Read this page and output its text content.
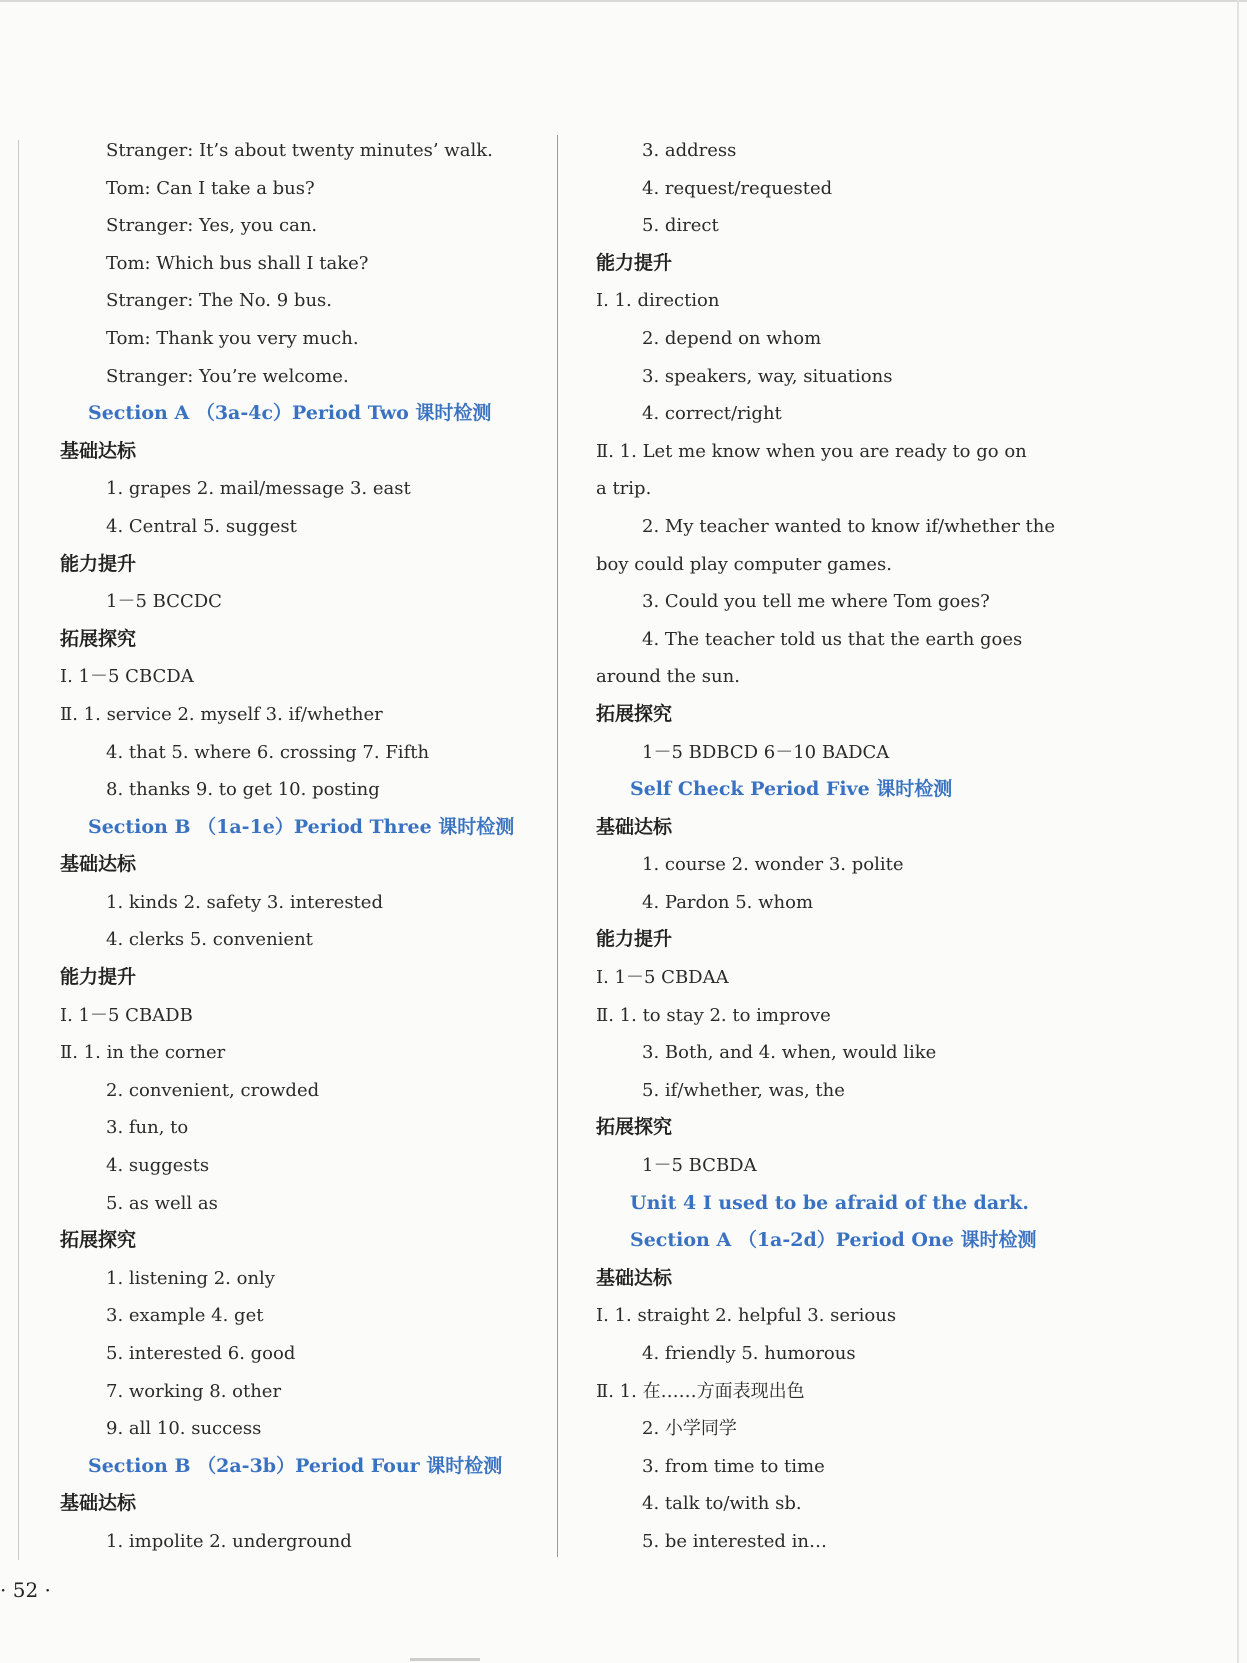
Stranger: It’s about twenty minutes’ walk.
Tom: Can I take a bus?
Stranger: Yes, you can.
Tom: Which bus shall I take?
Stranger: The No. 9 bus.
Tom: Thank you very much.
Stranger: You’re welcome.
Section A （3a-4c）Period Two 课时检测
基础达标
1. grapes 2. mail/message 3. east
4. Central 5. suggest
能力提升
1－5 BCCDC
拓展探究
Ⅰ. 1－5 CBCDA
Ⅱ. 1. service 2. myself 3. if/whether
4. that 5. where 6. crossing 7. Fifth
8. thanks 9. to get 10. posting
Section B （1a-1e）Period Three 课时检测
基础达标
1. kinds 2. safety 3. interested
4. clerks 5. convenient
能力提升
Ⅰ. 1－5 CBADB
Ⅱ. 1. in the corner
2. convenient, crowded
3. fun, to
4. suggests
5. as well as
拓展探究
1. listening 2. only
3. example 4. get
5. interested 6. good
7. working 8. other
9. all 10. success
Section B （2a-3b）Period Four 课时检测
基础达标
1. impolite 2. underground
3. address
4. request/requested
5. direct
能力提升
Ⅰ. 1. direction
2. depend on whom
3. speakers, way, situations
4. correct/right
Ⅱ. 1. Let me know when you are ready to go on
a trip.
2. My teacher wanted to know if/whether the
boy could play computer games.
3. Could you tell me where Tom goes?
4. The teacher told us that the earth goes
around the sun.
拓展探究
1－5 BDBCD 6－10 BADCA
Self Check Period Five 课时检测
基础达标
1. course 2. wonder 3. polite
4. Pardon 5. whom
能力提升
Ⅰ. 1－5 CBDAA
Ⅱ. 1. to stay 2. to improve
3. Both, and 4. when, would like
5. if/whether, was, the
拓展探究
1－5 BCBDA
Unit 4 I used to be afraid of the dark.
Section A （1a-2d）Period One 课时检测
基础达标
Ⅰ. 1. straight 2. helpful 3. serious
4. friendly 5. humorous
Ⅱ. 1. 在……方面表现出色
2. 小学同学
3. from time to time
4. talk to/with sb.
5. be interested in…
· 52 ·
